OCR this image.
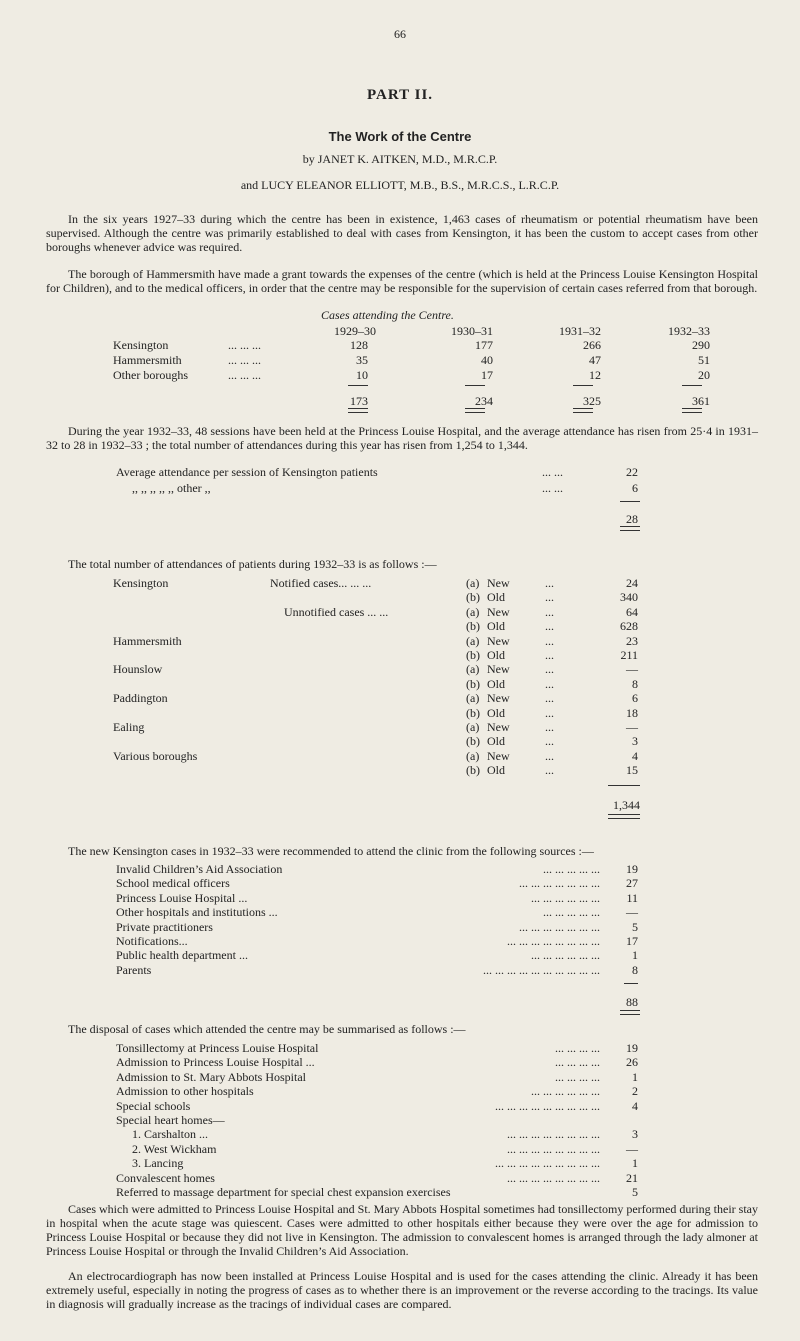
66
PART II.
The Work of the Centre
by JANET K. AITKEN, M.D., M.R.C.P.
and LUCY ELEANOR ELLIOTT, M.B., B.S., M.R.C.S., L.R.C.P.

In the six years 1927–33 during which the centre has been in existence, 1,463 cases of rheumatism or potential rheumatism have been supervised. Although the centre was primarily established to deal with cases from Kensington, it has been the custom to accept cases from other boroughs whenever advice was required.

The borough of Hammersmith have made a grant towards the expenses of the centre (which is held at the Princess Louise Kensington Hospital for Children), and to the medical officers, in order that the centre may be responsible for the supervision of certain cases referred from that borough.

Cases attending the Centre.
1929–30	1930–31	1931–32	1932–33
Kensington	... ... ...	128	177	266	290
Hammersmith	... ... ...	35	40	47	51
Other boroughs	... ... ...	10	17	12	20
173	234	325	361

During the year 1932–33, 48 sessions have been held at the Princess Louise Hospital, and the average attendance has risen from 25·4 in 1931–32 to 28 in 1932–33 ; the total number of attendances during this year has risen from 1,254 to 1,344.

Average attendance per session of Kensington patients	... ...	22
,, ,, ,, ,, ,, other ,,	... ...	6
28
The total number of attendances of patients during 1932–33 is as follows :—
Kensington	Notified cases... ... ...	(a) New	...	24
(b) Old	...	340
Unnotified cases ... ...	(a) New	...	64
(b) Old	...	628
Hammersmith	(a) New	...	23
(b) Old	...	211
Hounslow	(a) New	...	—
(b) Old	...	8
Paddington	(a) New	...	6
(b) Old	...	18
Ealing	(a) New	...	—
(b) Old	...	3
Various boroughs	(a) New	...	4
(b) Old	...	15
1,344
The new Kensington cases in 1932–33 were recommended to attend the clinic from the following sources :—
Invalid Children’s Aid Association	... ... ... ... ...	19
School medical officers	... ... ... ... ... ... ...	27
Princess Louise Hospital ...	... ... ... ... ... ...	11
Other hospitals and institutions ...	... ... ... ... ...	—
Private practitioners	... ... ... ... ... ... ...	5
Notifications...	... ... ... ... ... ... ... ...	17
Public health department ...	... ... ... ... ... ...	1
Parents	... ... ... ... ... ... ... ... ... ...	8
88
The disposal of cases which attended the centre may be summarised as follows :—
Tonsillectomy at Princess Louise Hospital	... ... ... ...	19
Admission to Princess Louise Hospital ...	... ... ... ...	26
Admission to St. Mary Abbots Hospital	... ... ... ...	1
Admission to other hospitals	... ... ... ... ... ...	2
Special schools	... ... ... ... ... ... ... ... ...	4
Special heart homes—
1. Carshalton ...	... ... ... ... ... ... ... ...	3
2. West Wickham	... ... ... ... ... ... ... ...	—
3. Lancing	... ... ... ... ... ... ... ... ...	1
Convalescent homes	... ... ... ... ... ... ... ...	21
Referred to massage department for special chest expansion exercises	5

Cases which were admitted to Princess Louise Hospital and St. Mary Abbots Hospital sometimes had tonsillectomy performed during their stay in hospital when the acute stage was quiescent. Cases were admitted to other hospitals either because they were over the age for admission to Princess Louise Hospital or because they did not live in Kensington. The admission to convalescent homes is arranged through the lady almoner at Princess Louise Hospital or through the Invalid Children’s Aid Association.

An electrocardiograph has now been installed at Princess Louise Hospital and is used for the cases attending the clinic. Already it has been extremely useful, especially in noting the progress of cases as to whether there is an improvement or the reverse according to the tracings. Its value in diagnosis will gradually increase as the tracings of individual cases are compared.
